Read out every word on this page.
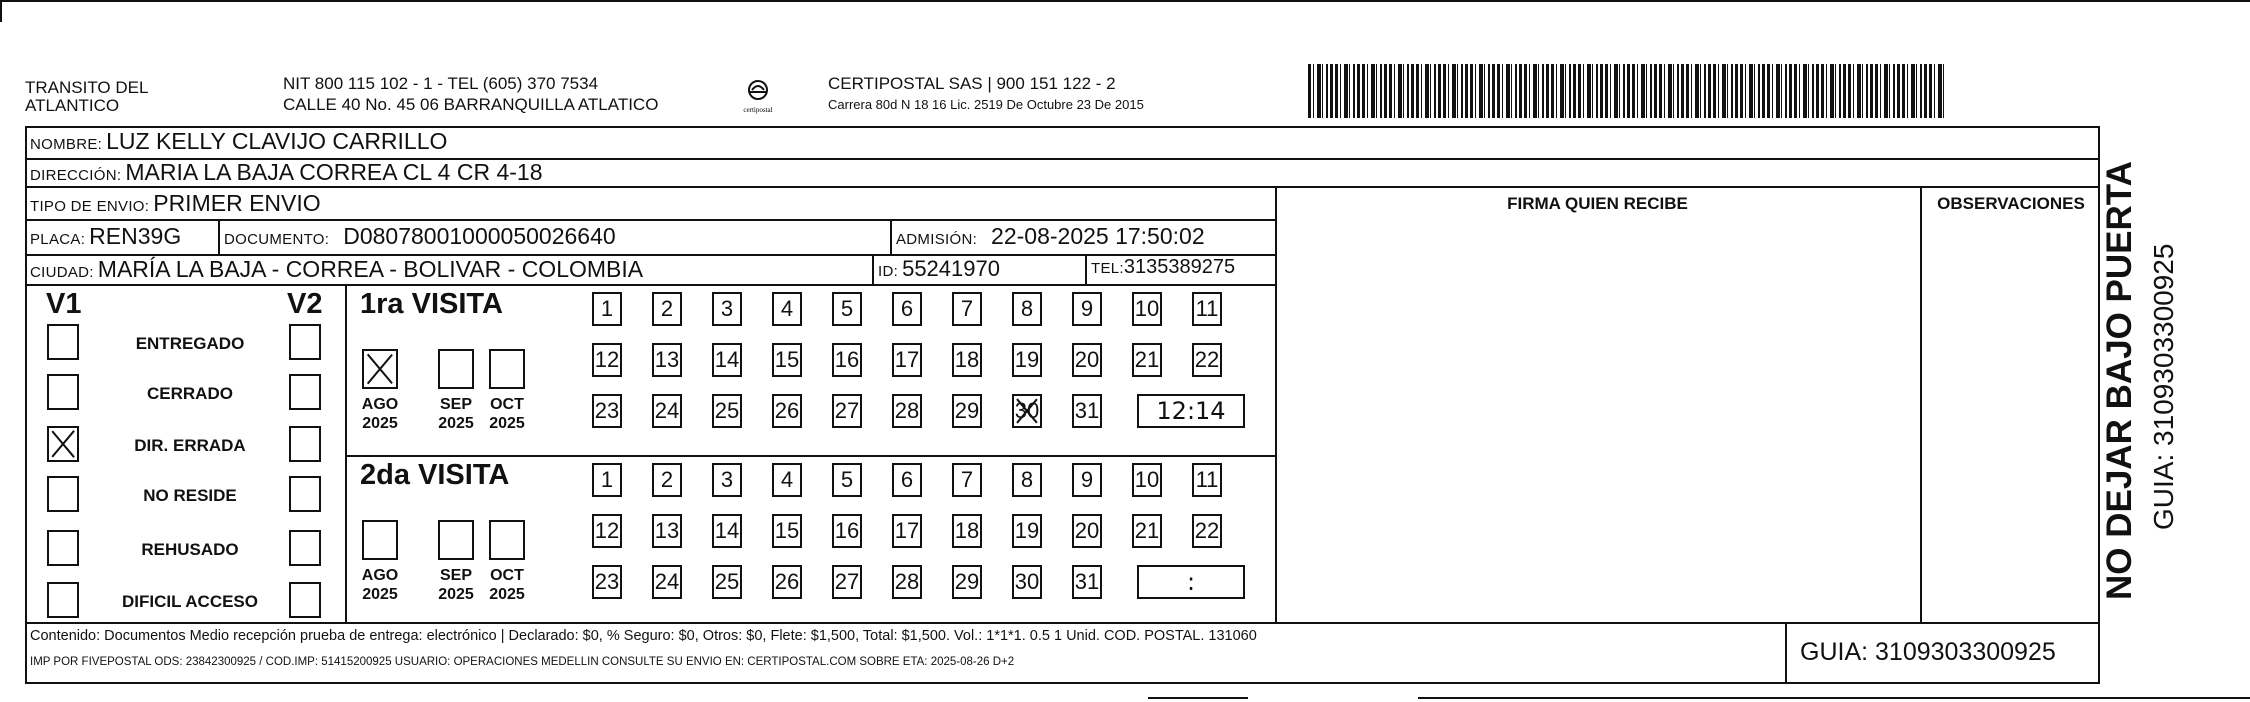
TRANSITO DEL
ATLANTICO
NIT 800 115 102 - 1 - TEL (605) 370 7534
CALLE 40 No. 45 06 BARRANQUILLA ATLATICO	certipostal
CERTIPOSTAL SAS | 900 151 122 - 2
Carrera 80d N 18 16 Lic. 2519 De Octubre 23 De 2015
NOMBRE: LUZ KELLY CLAVIJO CARRILLO
DIRECCIÓN: MARIA LA BAJA CORREA CL 4 CR 4-18
TIPO DE ENVIO: PRIMER ENVIO	FIRMA QUIEN RECIBE	OBSERVACIONES
PLACA: REN39G	DOCUMENTO: D08078001000050026640	ADMISIÓN: 22-08-2025 17:50:02
CIUDAD: MARÍA LA BAJA - CORREA - BOLIVAR - COLOMBIA	ID: 55241970	TEL: 3135389275
V1	V2
ENTREGADO
CERRADO
DIR. ERRADA
NO RESIDE
REHUSADO
DIFICIL ACCESO
1ra VISITA
AGO
2025
SEP
2025
OCT
2025
1	2	3	4	5	6	7	8	9	10 11
12 13 14 15 16 17 18 19 20 21 22
23 24 25 26 27 28 29 30 31	12:14
2da VISITA
AGO
2025
SEP
2025
OCT
2025
1	2	3	4	5	6	7	8	9	10 11
12 13 14 15 16 17 18 19 20 21 22
23 24 25 26 27 28 29 30 31	:
Contenido: Documentos Medio recepción prueba de entrega: electrónico | Declarado: $0, % Seguro: $0, Otros: $0, Flete: $1,500, Total: $1,500. Vol.: 1*1*1. 0.5 1 Unid. COD. POSTAL. 131060
IMP POR FIVEPOSTAL ODS: 23842300925 / COD.IMP: 51415200925 USUARIO: OPERACIONES MEDELLIN CONSULTE SU ENVIO EN: CERTIPOSTAL.COM SOBRE ETA: 2025-08-26 D+2	GUIA: 3109303300925
NO DEJAR BAJO PUERTA GUIA: 3109303300925
